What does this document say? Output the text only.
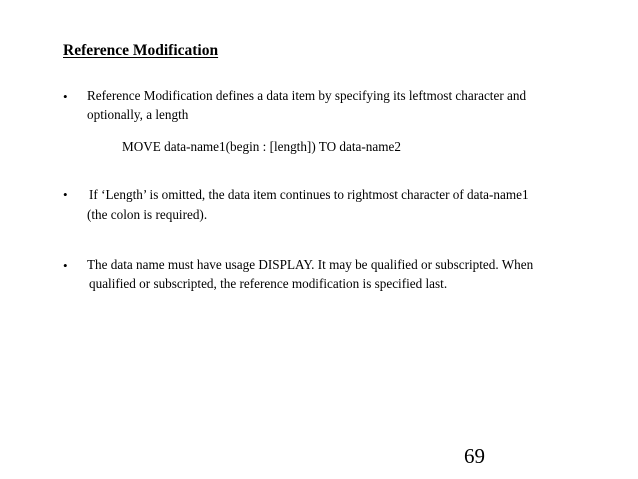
Reference Modification
• Reference Modification defines a data item by specifying its leftmost character and
optionally, a length
MOVE data-name1(begin : [length]) TO data-name2
• If ‘Length’ is omitted, the data item continues to rightmost character of data-name1
(the colon is required).
• The data name must have usage DISPLAY. It may be qualified or subscripted. When
qualified or subscripted, the reference modification is specified last.
69
